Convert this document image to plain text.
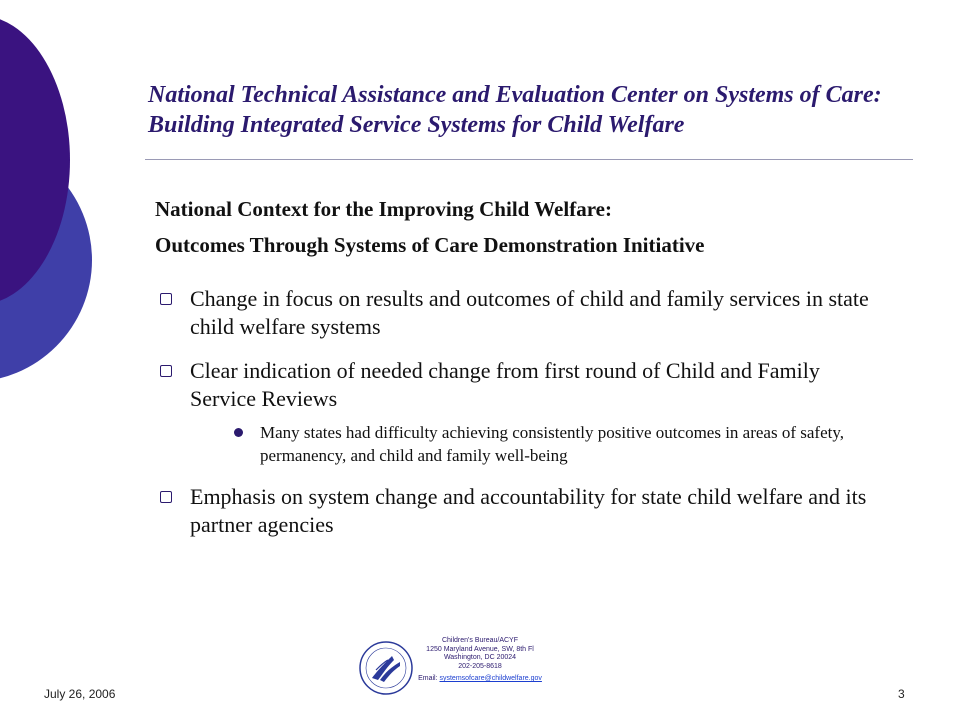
National Technical Assistance and Evaluation Center on Systems of Care: Building Integrated Service Systems for Child Welfare
National Context for the Improving Child Welfare:
Outcomes Through Systems of Care Demonstration Initiative
Change in focus on results and outcomes of child and family services in state child welfare systems
Clear indication of needed change from first round of Child and Family Service Reviews
Many states had difficulty achieving consistently positive outcomes in areas of safety, permanency, and child and family well-being
Emphasis on system change and accountability for state child welfare and its partner agencies
Children's Bureau/ACYF
1250 Maryland Avenue, SW, 8th Fl
Washington, DC 20024
202-205-8618
Email: systemsofcare@childwelfare.gov
July 26, 2006	3
